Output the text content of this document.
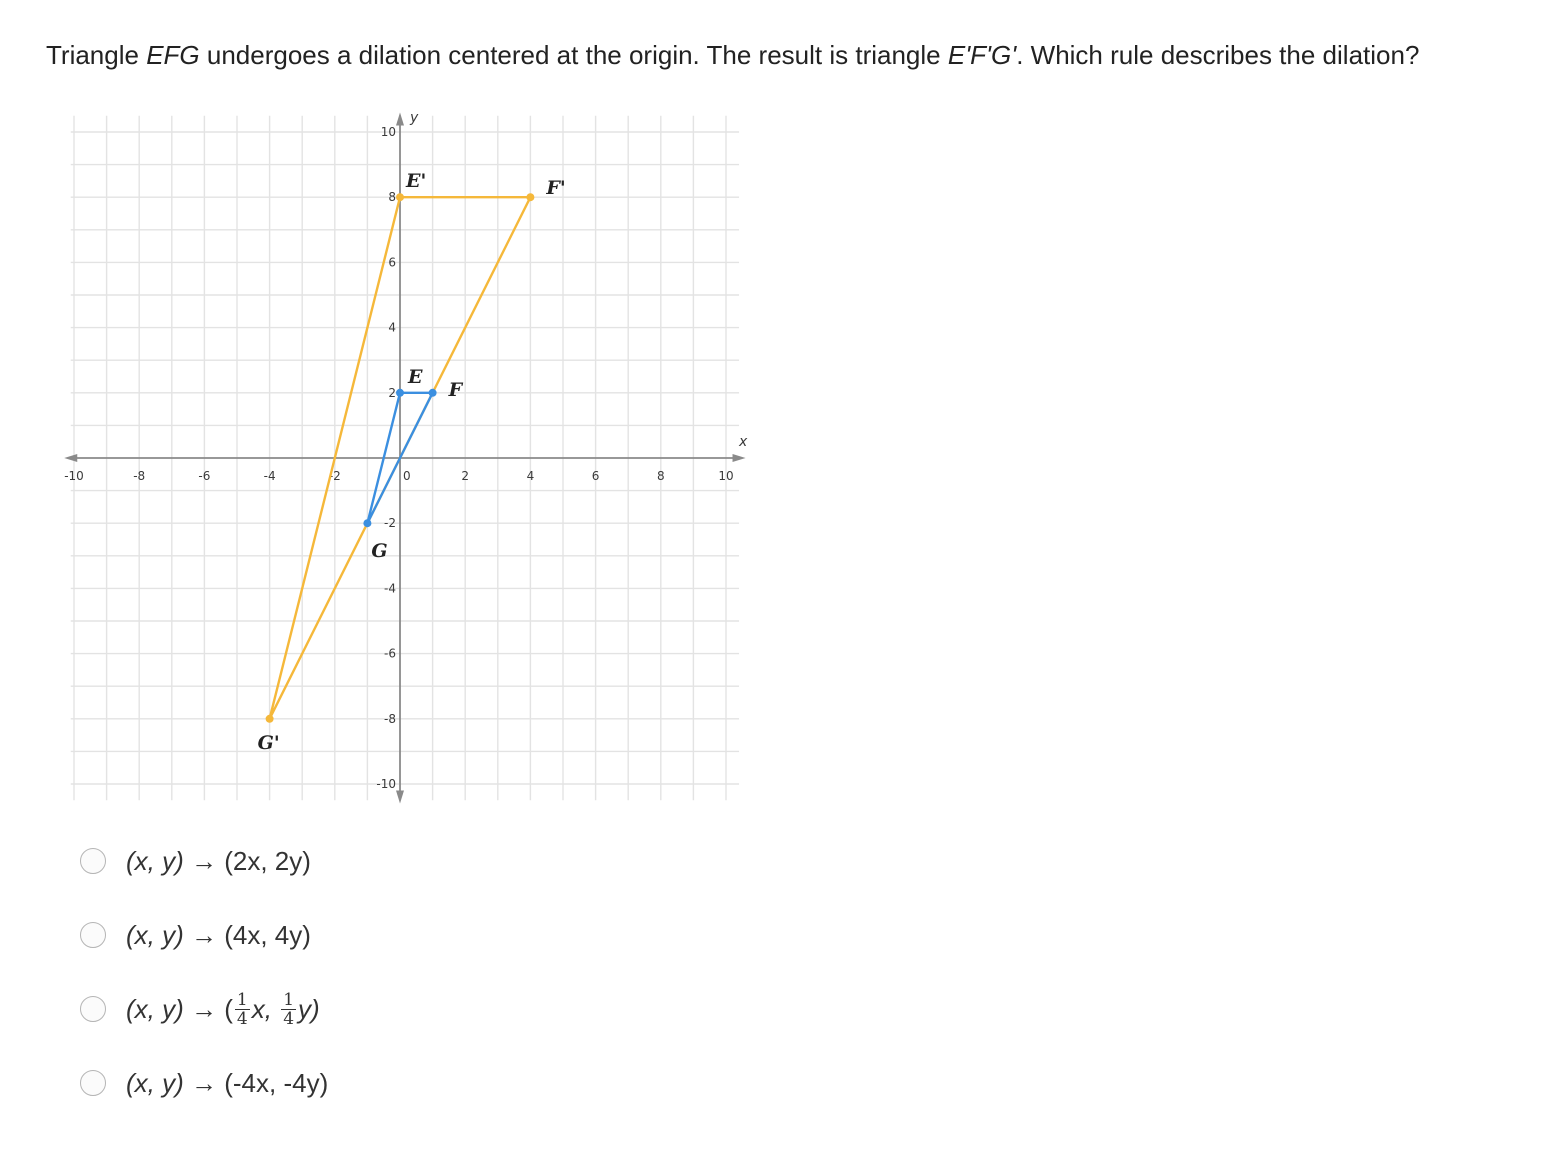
Triangle EFG undergoes a dilation centered at the origin. The result is triangle E'F'G'. Which rule describes the dilation?
x
y
-10	-8	-6	-4	-2	0	2	4	6	8	10
10
8
6
4
2
-2
-4
-6
-8
-10
E
F
G
E'	F'
G'
(x, y)
→
(2x, 2y)
(x, y)
→
(4x, 4y)
(x, y)
→
( $\frac{1}{4} x$,
$\frac{1}{4} y$)
(x, y)
→
(-4x, -4y)
